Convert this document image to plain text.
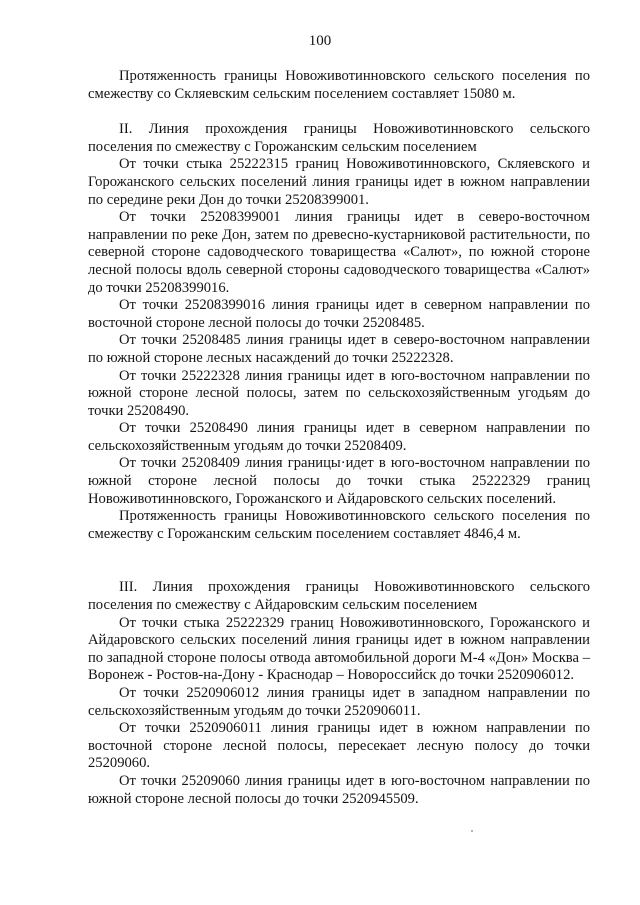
100

Протяженность границы Новоживотинновского сельского поселения по смежеству со Скляевским сельским поселением составляет 15080 м.

II. Линия прохождения границы Новоживотинновского сельского поселения по смежеству с Горожанским сельским поселением

От точки стыка 25222315 границ Новоживотинновского, Скляевского и Горожанского сельских поселений линия границы идет в южном направлении по середине реки Дон до точки 25208399001.

От точки 25208399001 линия границы идет в северо-восточном направлении по реке Дон, затем по древесно-кустарниковой растительности, по северной стороне садоводческого товарищества «Салют», по южной стороне лесной полосы вдоль северной стороны садоводческого товарищества «Салют» до точки 25208399016.

От точки 25208399016 линия границы идет в северном направлении по восточной стороне лесной полосы до точки 25208485.

От точки 25208485 линия границы идет в северо-восточном направлении по южной стороне лесных насаждений до точки 25222328.

От точки 25222328 линия границы идет в юго-восточном направлении по южной стороне лесной полосы, затем по сельскохозяйственным угодьям до точки 25208490.

От точки 25208490 линия границы идет в северном направлении по сельскохозяйственным угодьям до точки 25208409.

От точки 25208409 линия границы·идет в юго-восточном направлении по южной стороне лесной полосы до точки стыка 25222329 границ Новоживотинновского, Горожанского и Айдаровского сельских поселений.

Протяженность границы Новоживотинновского сельского поселения по смежеству с Горожанским сельским поселением составляет 4846,4 м.

III. Линия прохождения границы Новоживотинновского сельского поселения по смежеству с Айдаровским сельским поселением

От точки стыка 25222329 границ Новоживотинновского, Горожанского и Айдаровского сельских поселений линия границы идет в южном направлении по западной стороне полосы отвода автомобильной дороги М-4 «Дон» Москва – Воронеж - Ростов-на-Дону - Краснодар – Новороссийск до точки 2520906012.

От точки 2520906012 линия границы идет в западном направлении по сельскохозяйственным угодьям до точки 2520906011.

От точки 2520906011 линия границы идет в южном направлении по восточной стороне лесной полосы, пересекает лесную полосу до точки 25209060.

От точки 25209060 линия границы идет в юго-восточном направлении по южной стороне лесной полосы до точки 2520945509.
